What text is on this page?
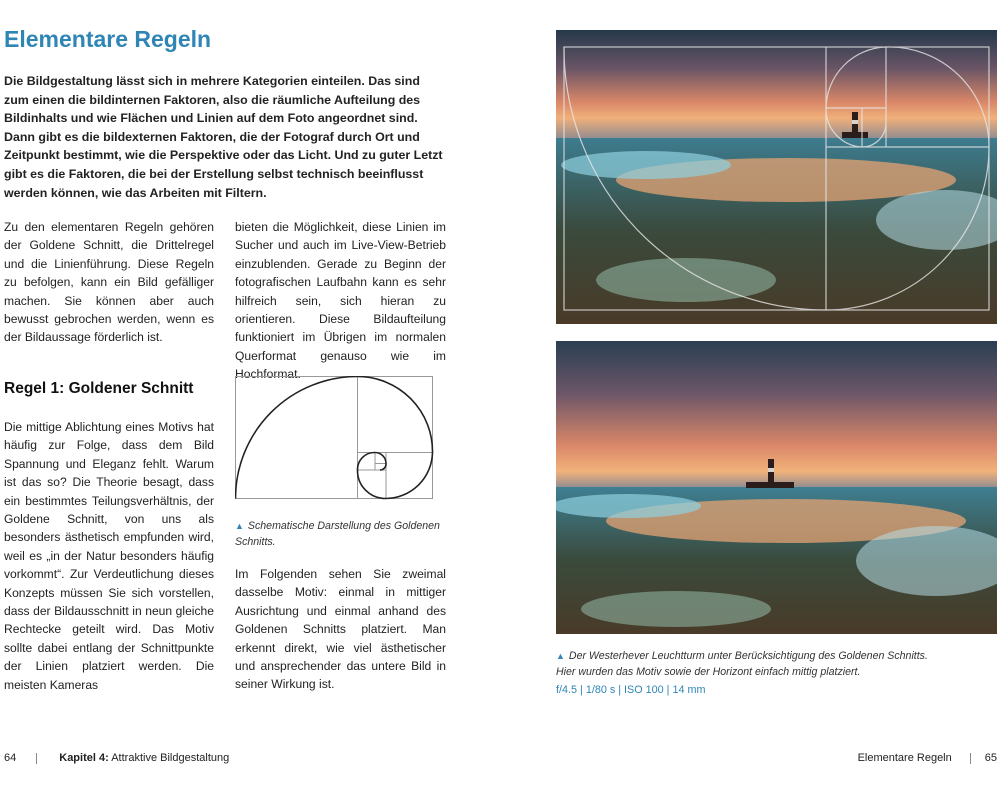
Elementare Regeln

Die Bildgestaltung lässt sich in mehrere Kategorien einteilen. Das sind zum einen die bildinternen Faktoren, also die räumliche Aufteilung des Bildinhalts und wie Flächen und Linien auf dem Foto angeordnet sind. Dann gibt es die bildexternen Faktoren, die der Fotograf durch Ort und Zeitpunkt bestimmt, wie die Perspektive oder das Licht. Und zu guter Letzt gibt es die Faktoren, die bei der Erstellung selbst technisch beeinflusst werden können, wie das Arbeiten mit Filtern.

Zu den elementaren Regeln gehören der Goldene Schnitt, die Drittelregel und die Linienführung. Diese Regeln zu befolgen, kann ein Bild gefälliger machen. Sie können aber auch bewusst gebrochen werden, wenn es der Bildaussage förderlich ist.

bieten die Möglichkeit, diese Linien im Sucher und auch im Live-View-Betrieb einzublenden. Gerade zu Beginn der fotografischen Laufbahn kann es sehr hilfreich sein, sich hieran zu orientieren. Diese Bildaufteilung funktioniert im Übrigen im normalen Querformat genauso wie im Hochformat.

Regel 1: Goldener Schnitt

Die mittige Ablichtung eines Motivs hat häufig zur Folge, dass dem Bild Spannung und Eleganz fehlt. Warum ist das so? Die Theorie besagt, dass ein bestimmtes Teilungsverhältnis, der Goldene Schnitt, von uns als besonders ästhetisch empfunden wird, weil es „in der Natur besonders häufig vorkommt“. Zur Verdeutlichung dieses Konzepts müssen Sie sich vorstellen, dass der Bildausschnitt in neun gleiche Rechtecke geteilt wird. Das Motiv sollte dabei entlang der Schnittpunkte der Linien platziert werden. Die meisten Kameras

▲ Schematische Darstellung des Goldenen Schnitts.

Im Folgenden sehen Sie zweimal dasselbe Motiv: einmal in mittiger Ausrichtung und einmal anhand des Goldenen Schnitts platziert. Man erkennt direkt, wie viel ästhetischer und ansprechender das untere Bild in seiner Wirkung ist.

▲ Der Westerhever Leuchtturm unter Berücksichtigung des Goldenen Schnitts.
Hier wurden das Motiv sowie der Horizont einfach mittig platziert.
f/4.5 | 1/80 s | ISO 100 | 14 mm
64	Kapitel 4: Attraktive Bildgestaltung	Elementare Regeln	65
